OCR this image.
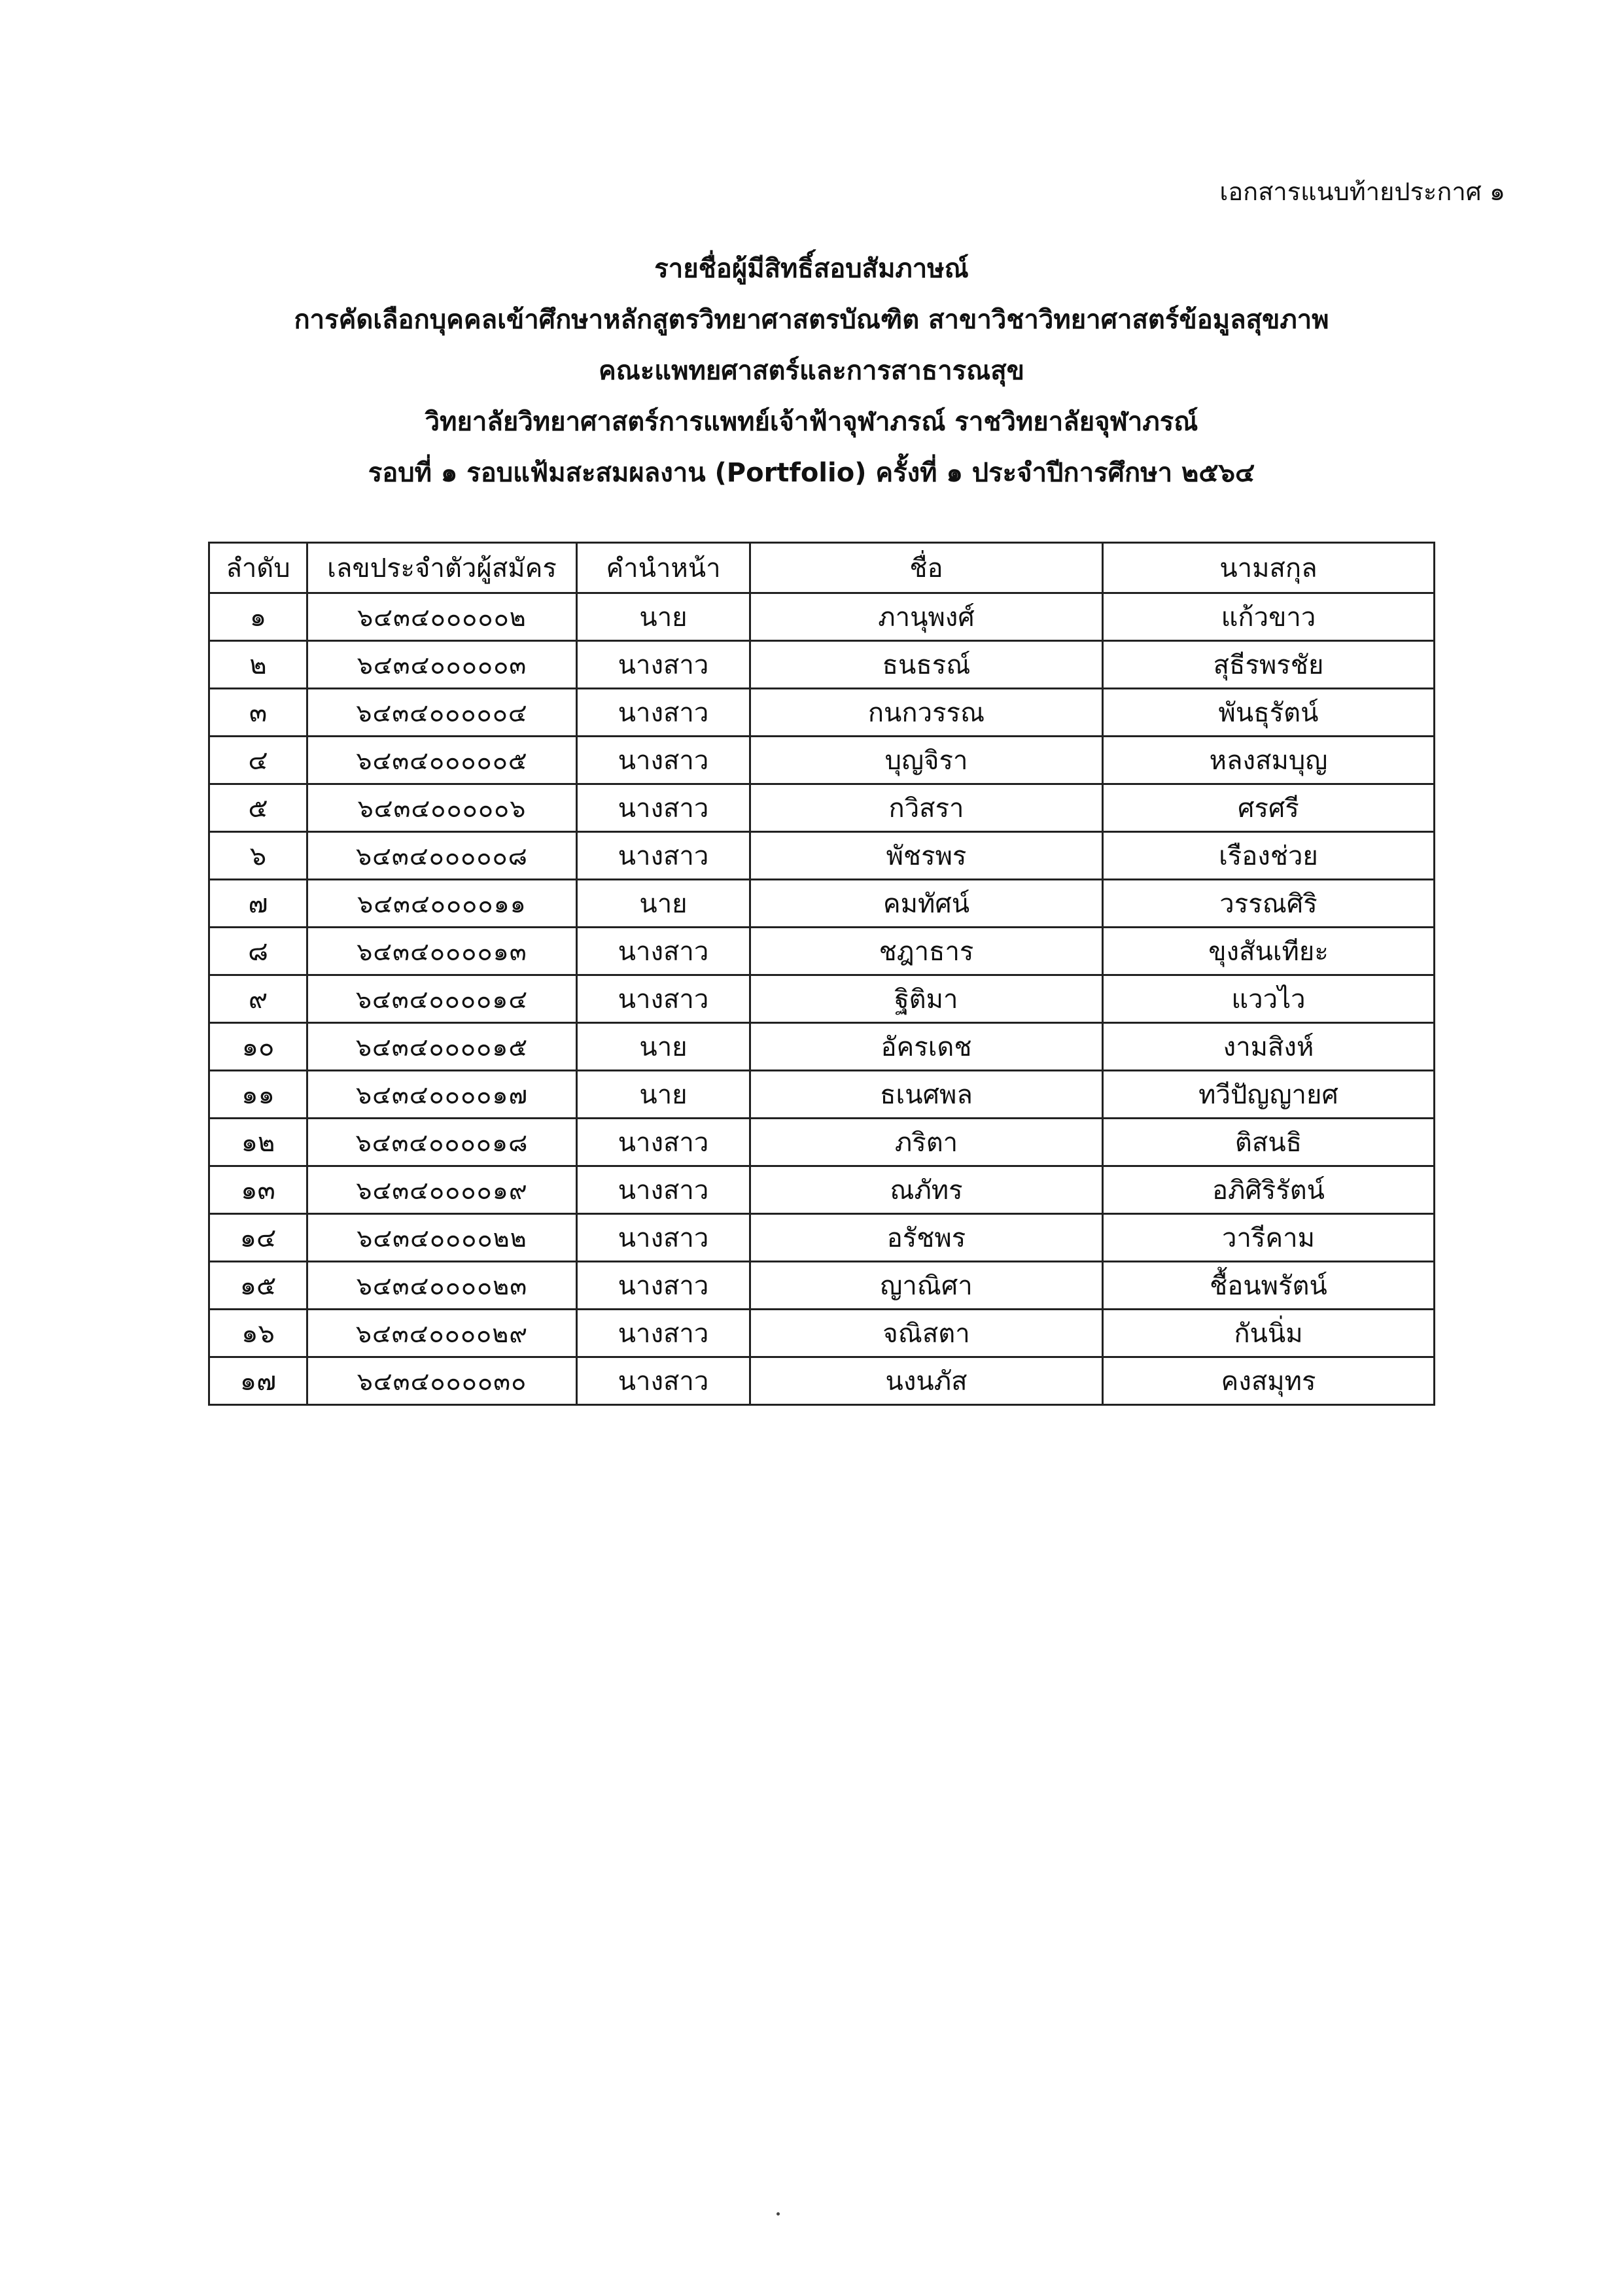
เอกสารแนบท้ายประกาศ ๑
รายชื่อผู้มีสิทธิ์สอบสัมภาษณ์
การคัดเลือกบุคคลเข้าศึกษาหลักสูตรวิทยาศาสตรบัณฑิต สาขาวิชาวิทยาศาสตร์ข้อมูลสุขภาพ
คณะแพทยศาสตร์และการสาธารณสุข
วิทยาลัยวิทยาศาสตร์การแพทย์เจ้าฟ้าจุฬาภรณ์ ราชวิทยาลัยจุฬาภรณ์
รอบที่ ๑ รอบแฟ้มสะสมผลงาน (Portfolio) ครั้งที่ ๑ ประจำปีการศึกษา ๒๕๖๔
ลำดับ	เลขประจำตัวผู้สมัคร	คำนำหน้า	ชื่อ	นามสกุล
๑	๖๔๓๔๐๐๐๐๐๒	นาย	ภานุพงศ์	แก้วขาว
๒	๖๔๓๔๐๐๐๐๐๓	นางสาว	ธนธรณ์	สุธีรพรชัย
๓	๖๔๓๔๐๐๐๐๐๔	นางสาว	กนกวรรณ	พันธุรัตน์
๔	๖๔๓๔๐๐๐๐๐๕	นางสาว	บุญจิรา	หลงสมบุญ
๕	๖๔๓๔๐๐๐๐๐๖	นางสาว	กวิสรา	ศรศรี
๖	๖๔๓๔๐๐๐๐๐๘	นางสาว	พัชรพร	เรืองช่วย
๗	๖๔๓๔๐๐๐๐๑๑	นาย	คมทัศน์	วรรณศิริ
๘	๖๔๓๔๐๐๐๐๑๓	นางสาว	ชฎาธาร	ขุงสันเทียะ
๙	๖๔๓๔๐๐๐๐๑๔	นางสาว	ฐิติมา	แววไว
๑๐	๖๔๓๔๐๐๐๐๑๕	นาย	อัครเดช	งามสิงห์
๑๑	๖๔๓๔๐๐๐๐๑๗	นาย	ธเนศพล	ทวีปัญญายศ
๑๒	๖๔๓๔๐๐๐๐๑๘	นางสาว	ภริตา	ติสนธิ
๑๓	๖๔๓๔๐๐๐๐๑๙	นางสาว	ณภัทร	อภิศิริรัตน์
๑๔	๖๔๓๔๐๐๐๐๒๒	นางสาว	อรัชพร	วารีคาม
๑๕	๖๔๓๔๐๐๐๐๒๓	นางสาว	ญาณิศา	ชื้อนพรัตน์
๑๖	๖๔๓๔๐๐๐๐๒๙	นางสาว	จณิสตา	กันนิ่ม
๑๗	๖๔๓๔๐๐๐๐๓๐	นางสาว	นงนภัส	คงสมุทร
